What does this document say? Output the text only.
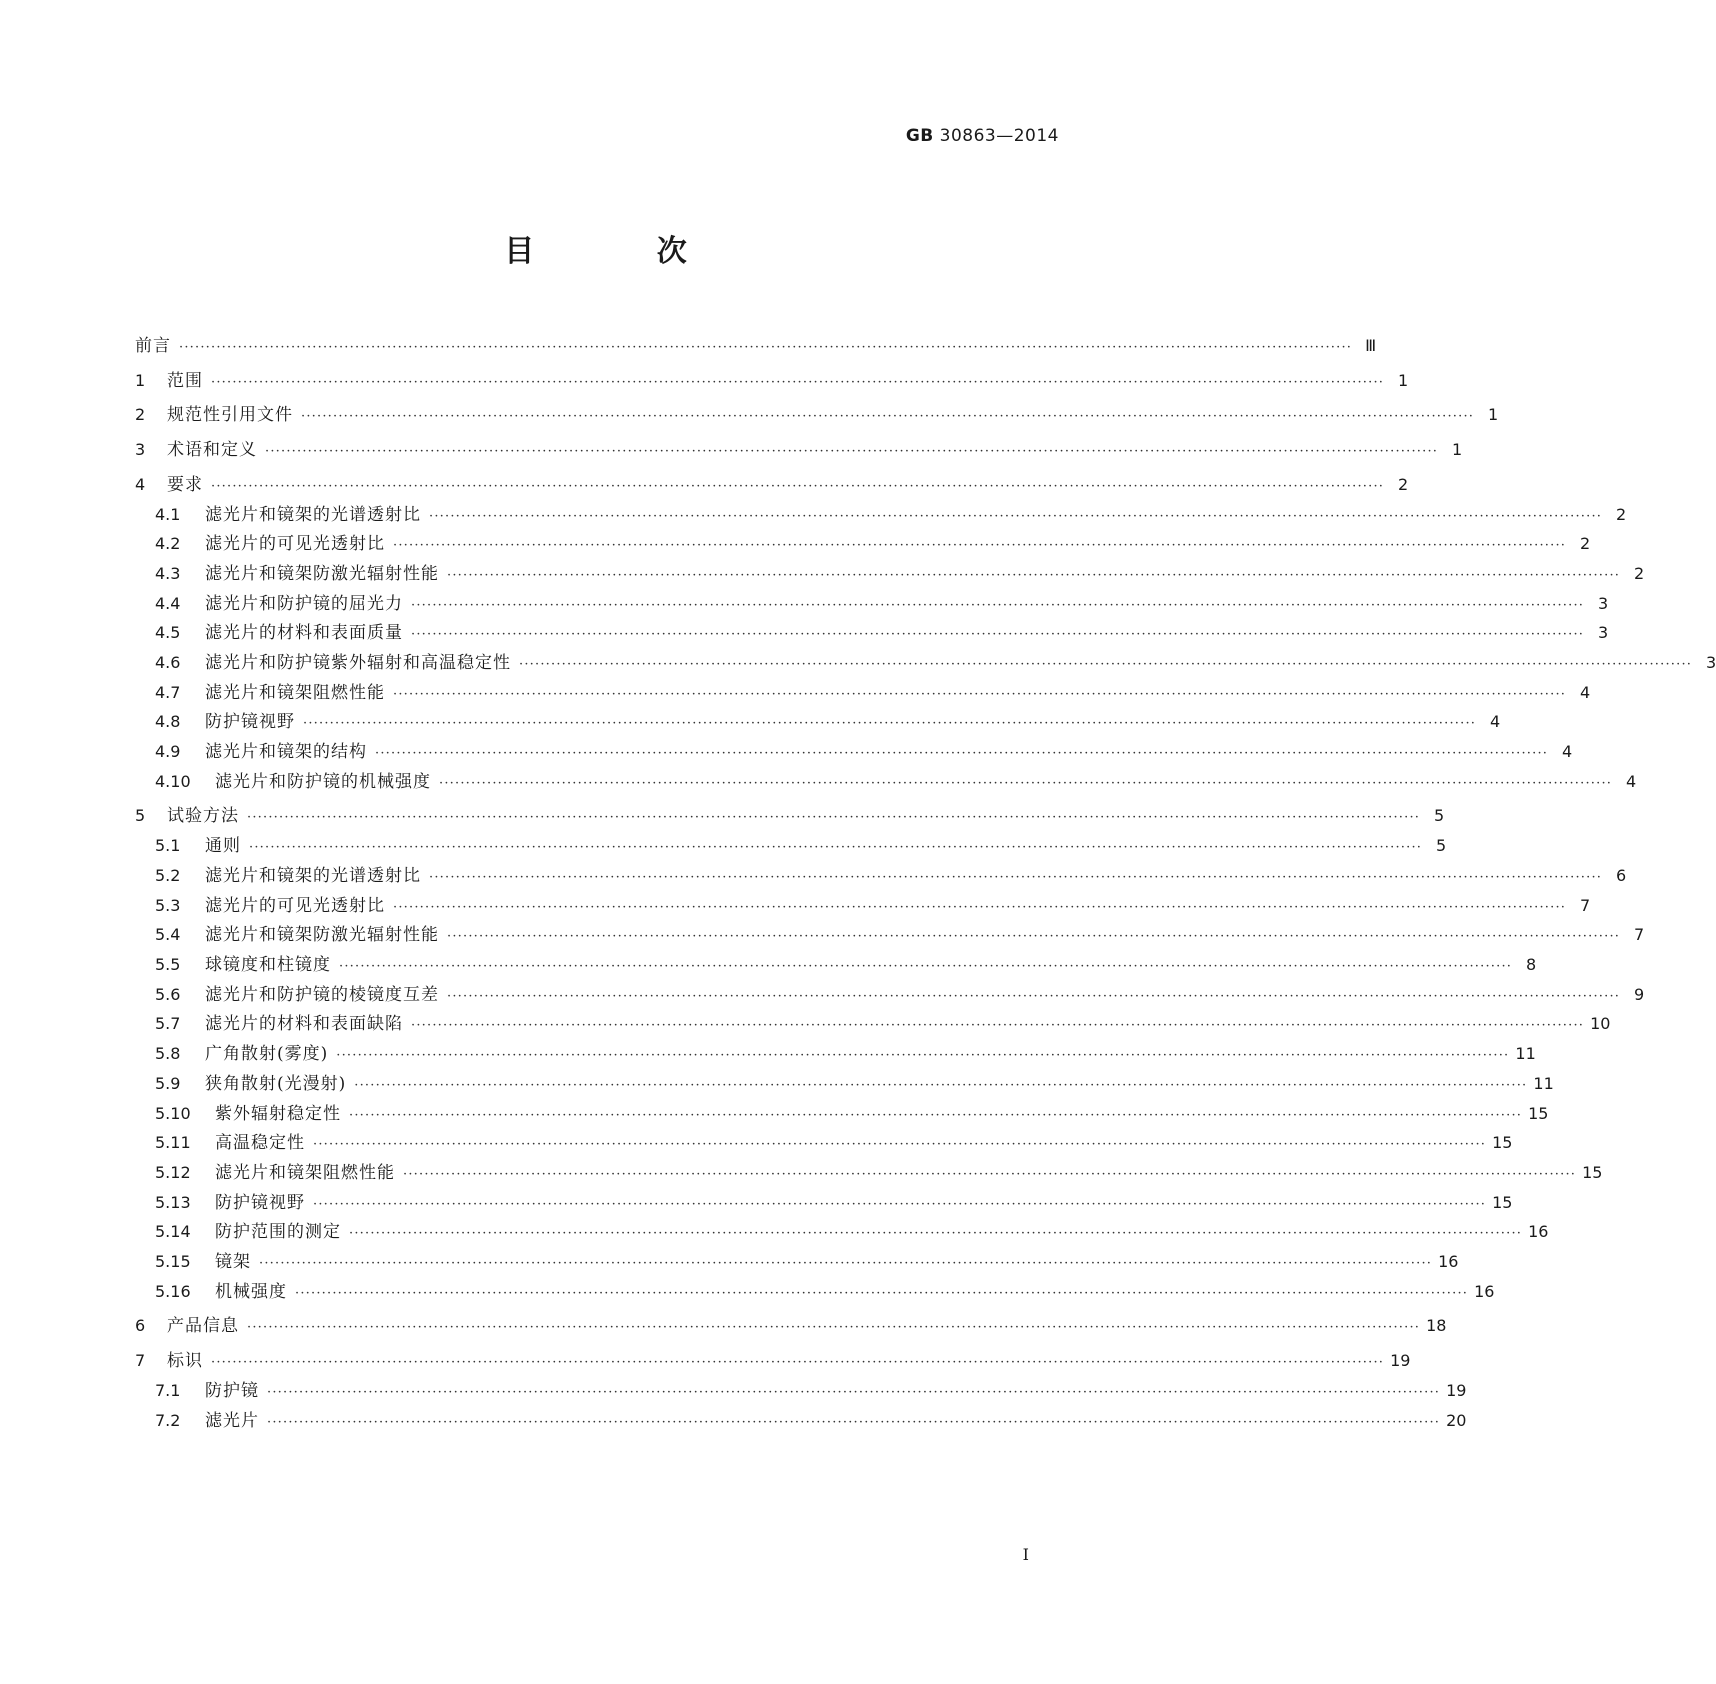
GB 30863—2014
目 次
前言 ···························································································································································································································· Ⅲ
1	范围 ···························································································································································································································· 1
2	规范性引用文件 ···························································································································································································································· 1
3	术语和定义 ···························································································································································································································· 1
4	要求 ···························································································································································································································· 2
4.1	滤光片和镜架的光谱透射比 ···························································································································································································································· 2
4.2	滤光片的可见光透射比 ···························································································································································································································· 2
4.3	滤光片和镜架防激光辐射性能 ···························································································································································································································· 2
4.4	滤光片和防护镜的屈光力 ···························································································································································································································· 3
4.5	滤光片的材料和表面质量 ···························································································································································································································· 3
4.6	滤光片和防护镜紫外辐射和高温稳定性 ···························································································································································································································· 3
4.7	滤光片和镜架阻燃性能 ···························································································································································································································· 4
4.8	防护镜视野 ···························································································································································································································· 4
4.9	滤光片和镜架的结构 ···························································································································································································································· 4
4.10	滤光片和防护镜的机械强度 ···························································································································································································································· 4
5	试验方法 ···························································································································································································································· 5
5.1	通则 ···························································································································································································································· 5
5.2	滤光片和镜架的光谱透射比 ···························································································································································································································· 6
5.3	滤光片的可见光透射比 ···························································································································································································································· 7
5.4	滤光片和镜架防激光辐射性能 ···························································································································································································································· 7
5.5	球镜度和柱镜度 ···························································································································································································································· 8
5.6	滤光片和防护镜的棱镜度互差 ···························································································································································································································· 9
5.7	滤光片的材料和表面缺陷 ···························································································································································································································· 10
5.8	广角散射(雾度) ···························································································································································································································· 11
5.9	狭角散射(光漫射) ···························································································································································································································· 11
5.10	紫外辐射稳定性 ···························································································································································································································· 15
5.11	高温稳定性 ···························································································································································································································· 15
5.12	滤光片和镜架阻燃性能 ···························································································································································································································· 15
5.13	防护镜视野 ···························································································································································································································· 15
5.14	防护范围的测定 ···························································································································································································································· 16
5.15	镜架 ···························································································································································································································· 16
5.16	机械强度 ···························································································································································································································· 16
6	产品信息 ···························································································································································································································· 18
7	标识 ···························································································································································································································· 19
7.1	防护镜 ···························································································································································································································· 19
7.2	滤光片 ···························································································································································································································· 20
Ⅰ
